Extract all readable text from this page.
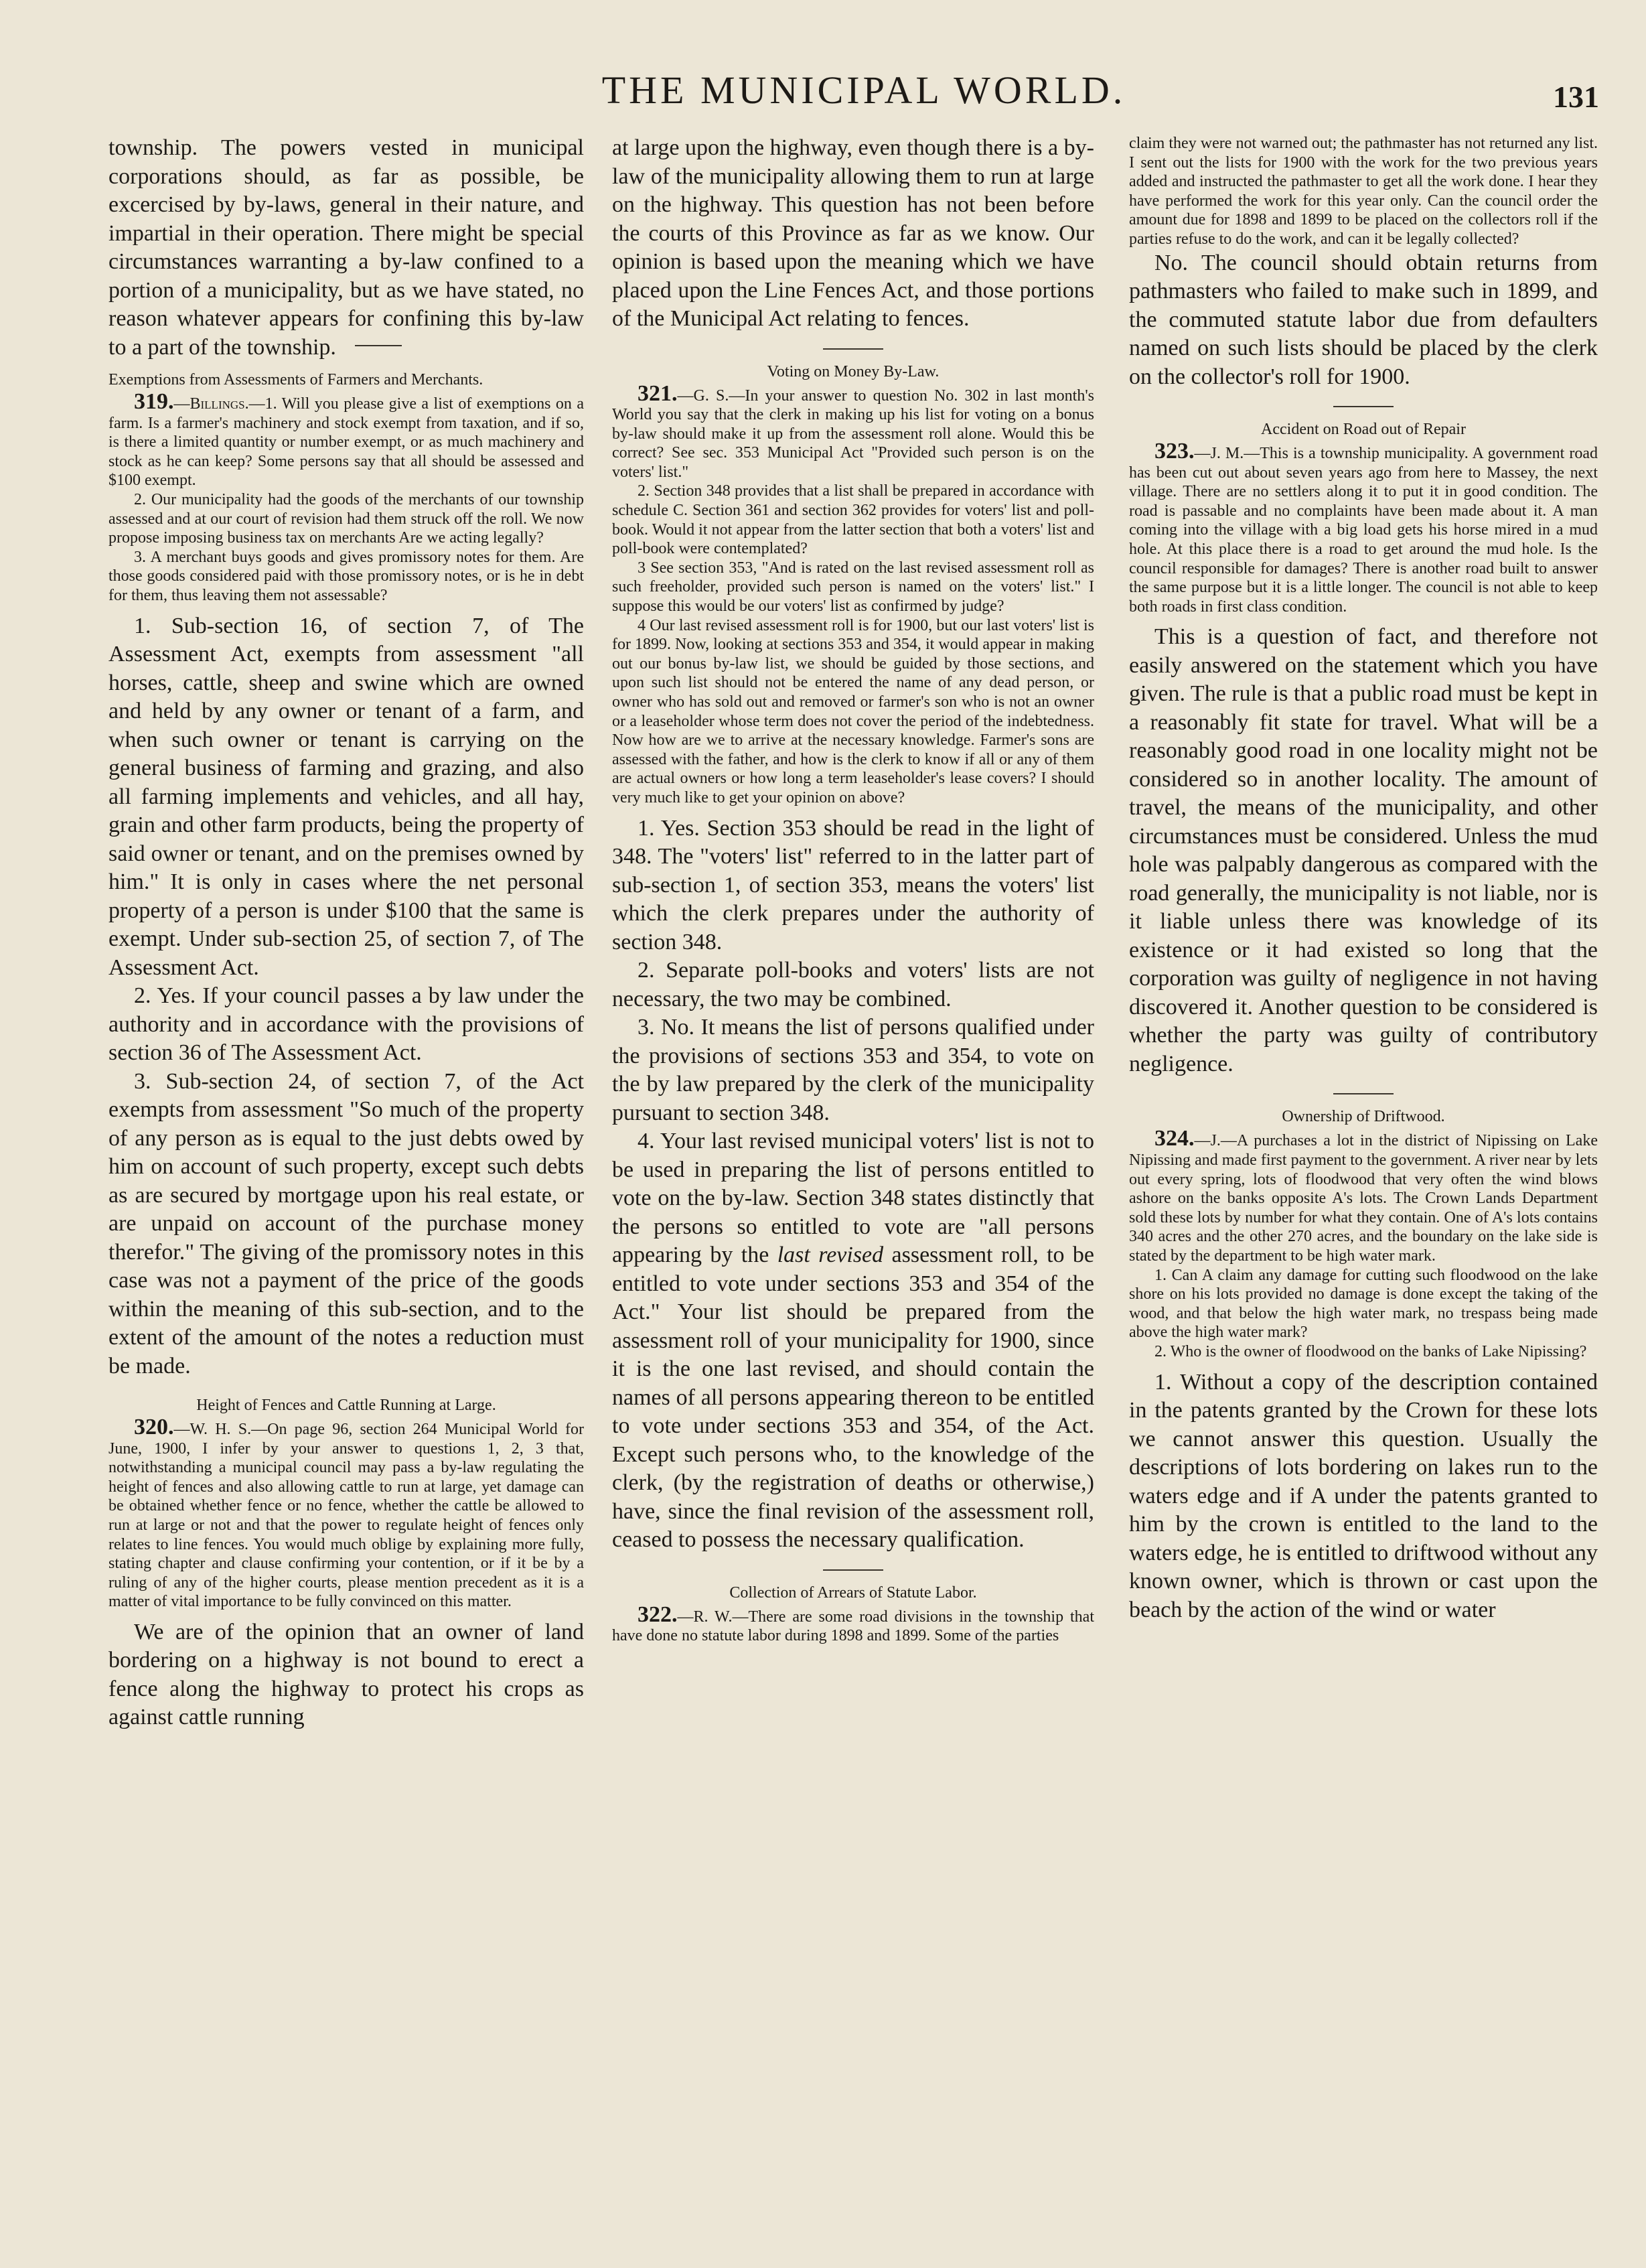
THE MUNICIPAL WORLD.	131

township. The powers vested in municipal corporations should, as far as possible, be excercised by by-laws, general in their nature, and impartial in their operation. There might be special circumstances warranting a by-law confined to a portion of a municipality, but as we have stated, no reason whatever appears for confining this by-law to a part of the township.

Exemptions from Assessments of Farmers and Merchants.

319.—Billings.—1. Will you please give a list of exemptions on a farm. Is a farmer's machinery and stock exempt from taxation, and if so, is there a limited quantity or number exempt, or as much machinery and stock as he can keep? Some persons say that all should be assessed and $100 exempt.

2. Our municipality had the goods of the merchants of our township assessed and at our court of revision had them struck off the roll. We now propose imposing business tax on merchants Are we acting legally?

3. A merchant buys goods and gives promissory notes for them. Are those goods considered paid with those promissory notes, or is he in debt for them, thus leaving them not assessable?

1. Sub-section 16, of section 7, of The Assessment Act, exempts from assessment "all horses, cattle, sheep and swine which are owned and held by any owner or tenant of a farm, and when such owner or tenant is carrying on the general business of farming and grazing, and also all farming implements and vehicles, and all hay, grain and other farm products, being the property of said owner or tenant, and on the premises owned by him." It is only in cases where the net personal property of a person is under $100 that the same is exempt. Under sub-section 25, of section 7, of The Assessment Act.

2. Yes. If your council passes a by law under the authority and in accordance with the provisions of section 36 of The Assessment Act.

3. Sub-section 24, of section 7, of the Act exempts from assessment "So much of the property of any person as is equal to the just debts owed by him on account of such property, except such debts as are secured by mortgage upon his real estate, or are unpaid on account of the purchase money therefor." The giving of the promissory notes in this case was not a payment of the price of the goods within the meaning of this sub-section, and to the extent of the amount of the notes a reduction must be made.

Height of Fences and Cattle Running at Large.

320.—W. H. S.—On page 96, section 264 Municipal World for June, 1900, I infer by your answer to questions 1, 2, 3 that, notwithstanding a municipal council may pass a by-law regulating the height of fences and also allowing cattle to run at large, yet damage can be obtained whether fence or no fence, whether the cattle be allowed to run at large or not and that the power to regulate height of fences only relates to line fences. You would much oblige by explaining more fully, stating chapter and clause confirming your contention, or if it be by a ruling of any of the higher courts, please mention precedent as it is a matter of vital importance to be fully convinced on this matter.

We are of the opinion that an owner of land bordering on a highway is not bound to erect a fence along the highway to protect his crops as against cattle running

at large upon the highway, even though there is a by-law of the municipality allowing them to run at large on the highway. This question has not been before the courts of this Province as far as we know. Our opinion is based upon the meaning which we have placed upon the Line Fences Act, and those portions of the Municipal Act relating to fences.

Voting on Money By-Law.

321.—G. S.—In your answer to question No. 302 in last month's World you say that the clerk in making up his list for voting on a bonus by-law should make it up from the assessment roll alone. Would this be correct? See sec. 353 Municipal Act "Provided such person is on the voters' list."

2. Section 348 provides that a list shall be prepared in accordance with schedule C. Section 361 and section 362 provides for voters' list and poll-book. Would it not appear from the latter section that both a voters' list and poll-book were contemplated?

3 See section 353, "And is rated on the last revised assessment roll as such freeholder, provided such person is named on the voters' list." I suppose this would be our voters' list as confirmed by judge?

4 Our last revised assessment roll is for 1900, but our last voters' list is for 1899. Now, looking at sections 353 and 354, it would appear in making out our bonus by-law list, we should be guided by those sections, and upon such list should not be entered the name of any dead person, or owner who has sold out and removed or farmer's son who is not an owner or a leaseholder whose term does not cover the period of the indebtedness. Now how are we to arrive at the necessary knowledge. Farmer's sons are assessed with the father, and how is the clerk to know if all or any of them are actual owners or how long a term leaseholder's lease covers? I should very much like to get your opinion on above?

1. Yes. Section 353 should be read in the light of 348. The "voters' list" referred to in the latter part of sub-section 1, of section 353, means the voters' list which the clerk prepares under the authority of section 348.

2. Separate poll-books and voters' lists are not necessary, the two may be combined.

3. No. It means the list of persons qualified under the provisions of sections 353 and 354, to vote on the by law prepared by the clerk of the municipality pursuant to section 348.

4. Your last revised municipal voters' list is not to be used in preparing the list of persons entitled to vote on the by-law. Section 348 states distinctly that the persons so entitled to vote are "all persons appearing by the last revised assessment roll, to be entitled to vote under sections 353 and 354 of the Act." Your list should be prepared from the assessment roll of your municipality for 1900, since it is the one last revised, and should contain the names of all persons appearing thereon to be entitled to vote under sections 353 and 354, of the Act. Except such persons who, to the knowledge of the clerk, (by the registration of deaths or otherwise,) have, since the final revision of the assessment roll, ceased to possess the necessary qualification.

Collection of Arrears of Statute Labor.

322.—R. W.—There are some road divisions in the township that have done no statute labor during 1898 and 1899. Some of the parties

claim they were not warned out; the pathmaster has not returned any list. I sent out the lists for 1900 with the work for the two previous years added and instructed the pathmaster to get all the work done. I hear they have performed the work for this year only. Can the council order the amount due for 1898 and 1899 to be placed on the collectors roll if the parties refuse to do the work, and can it be legally collected?

No. The council should obtain returns from pathmasters who failed to make such in 1899, and the commuted statute labor due from defaulters named on such lists should be placed by the clerk on the collector's roll for 1900.

Accident on Road out of Repair

323.—J. M.—This is a township municipality. A government road has been cut out about seven years ago from here to Massey, the next village. There are no settlers along it to put it in good condition. The road is passable and no complaints have been made about it. A man coming into the village with a big load gets his horse mired in a mud hole. At this place there is a road to get around the mud hole. Is the council responsible for damages? There is another road built to answer the same purpose but it is a little longer. The council is not able to keep both roads in first class condition.

This is a question of fact, and therefore not easily answered on the statement which you have given. The rule is that a public road must be kept in a reasonably fit state for travel. What will be a reasonably good road in one locality might not be considered so in another locality. The amount of travel, the means of the municipality, and other circumstances must be considered. Unless the mud hole was palpably dangerous as compared with the road generally, the municipality is not liable, nor is it liable unless there was knowledge of its existence or it had existed so long that the corporation was guilty of negligence in not having discovered it. Another question to be considered is whether the party was guilty of contributory negligence.

Ownership of Driftwood.

324.—J.—A purchases a lot in the district of Nipissing on Lake Nipissing and made first payment to the government. A river near by lets out every spring, lots of floodwood that very often the wind blows ashore on the banks opposite A's lots. The Crown Lands Department sold these lots by number for what they contain. One of A's lots contains 340 acres and the other 270 acres, and the boundary on the lake side is stated by the department to be high water mark.

1. Can A claim any damage for cutting such floodwood on the lake shore on his lots provided no damage is done except the taking of the wood, and that below the high water mark, no trespass being made above the high water mark?

2. Who is the owner of floodwood on the banks of Lake Nipissing?

1. Without a copy of the description contained in the patents granted by the Crown for these lots we cannot answer this question. Usually the descriptions of lots bordering on lakes run to the waters edge and if A under the patents granted to him by the crown is entitled to the land to the waters edge, he is entitled to driftwood without any known owner, which is thrown or cast upon the beach by the action of the wind or water
